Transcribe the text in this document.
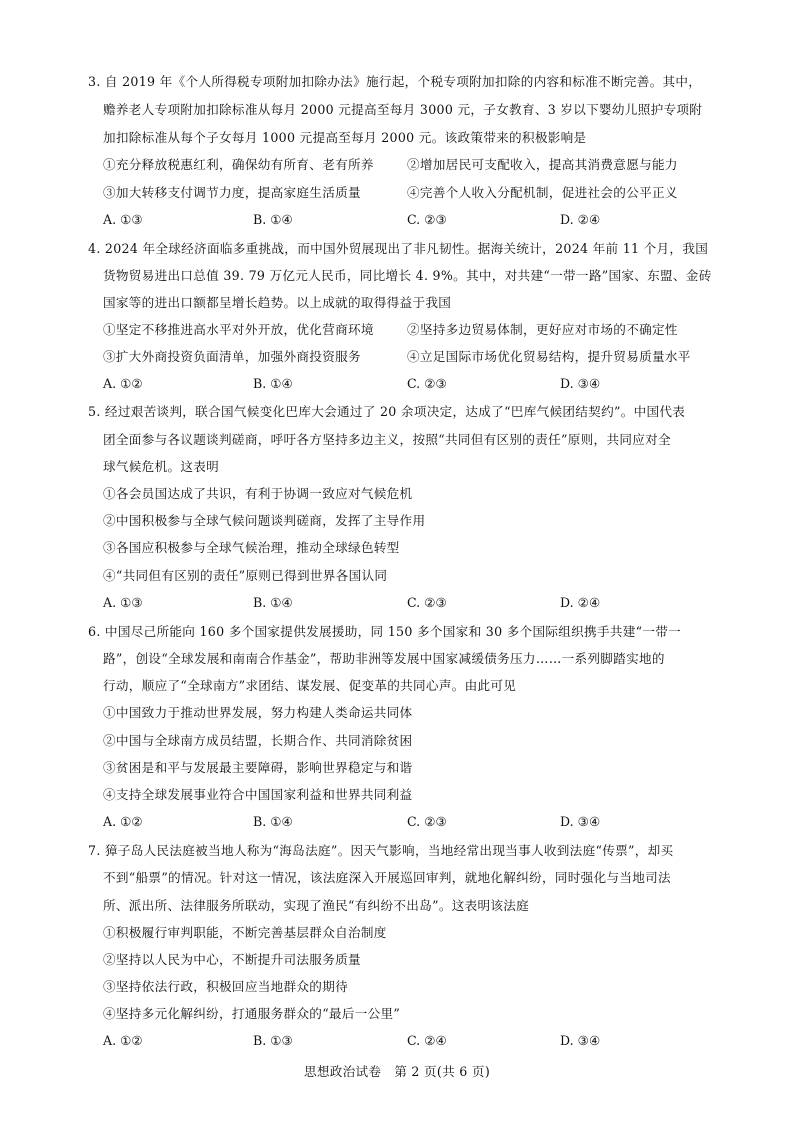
3. 自 2019 年《个人所得税专项附加扣除办法》施行起，个税专项附加扣除的内容和标准不断完善。其中，
赡养老人专项附加扣除标准从每月 2000 元提高至每月 3000 元，子女教育、3 岁以下婴幼儿照护专项附
加扣除标准从每个子女每月 1000 元提高至每月 2000 元。该政策带来的积极影响是
①充分释放税惠红利，确保幼有所育、老有所养	②增加居民可支配收入，提高其消费意愿与能力
③加大转移支付调节力度，提高家庭生活质量	④完善个人收入分配机制，促进社会的公平正义
A. ①③	B. ①④	C. ②③	D. ②④
4. 2024 年全球经济面临多重挑战，而中国外贸展现出了非凡韧性。据海关统计，2024 年前 11 个月，我国
货物贸易进出口总值 39. 79 万亿元人民币，同比增长 4. 9%。其中，对共建“一带一路”国家、东盟、金砖
国家等的进出口额都呈增长趋势。以上成就的取得得益于我国
①坚定不移推进高水平对外开放，优化营商环境	②坚持多边贸易体制，更好应对市场的不确定性
③扩大外商投资负面清单，加强外商投资服务	④立足国际市场优化贸易结构，提升贸易质量水平
A. ①②	B. ①④	C. ②③	D. ③④
5. 经过艰苦谈判，联合国气候变化巴库大会通过了 20 余项决定，达成了“巴库气候团结契约”。中国代表
团全面参与各议题谈判磋商，呼吁各方坚持多边主义，按照“共同但有区别的责任”原则，共同应对全
球气候危机。这表明
①各会员国达成了共识，有利于协调一致应对气候危机
②中国积极参与全球气候问题谈判磋商，发挥了主导作用
③各国应积极参与全球气候治理，推动全球绿色转型
④“共同但有区别的责任”原则已得到世界各国认同
A. ①③	B. ①④	C. ②③	D. ②④
6. 中国尽己所能向 160 多个国家提供发展援助，同 150 多个国家和 30 多个国际组织携手共建“一带一
路”，创设“全球发展和南南合作基金”，帮助非洲等发展中国家减缓债务压力……一系列脚踏实地的
行动，顺应了“全球南方”求团结、谋发展、促变革的共同心声。由此可见
①中国致力于推动世界发展，努力构建人类命运共同体
②中国与全球南方成员结盟，长期合作、共同消除贫困
③贫困是和平与发展最主要障碍，影响世界稳定与和谐
④支持全球发展事业符合中国国家利益和世界共同利益
A. ①②	B. ①④	C. ②③	D. ③④
7. 獐子岛人民法庭被当地人称为“海岛法庭”。因天气影响，当地经常出现当事人收到法庭“传票”，却买
不到“船票”的情况。针对这一情况，该法庭深入开展巡回审判，就地化解纠纷，同时强化与当地司法
所、派出所、法律服务所联动，实现了渔民“有纠纷不出岛”。这表明该法庭
①积极履行审判职能，不断完善基层群众自治制度
②坚持以人民为中心，不断提升司法服务质量
③坚持依法行政，积极回应当地群众的期待
④坚持多元化解纠纷，打通服务群众的“最后一公里”
A. ①②	B. ①③	C. ②④	D. ③④
思想政治试卷　第 2 页(共 6 页)
